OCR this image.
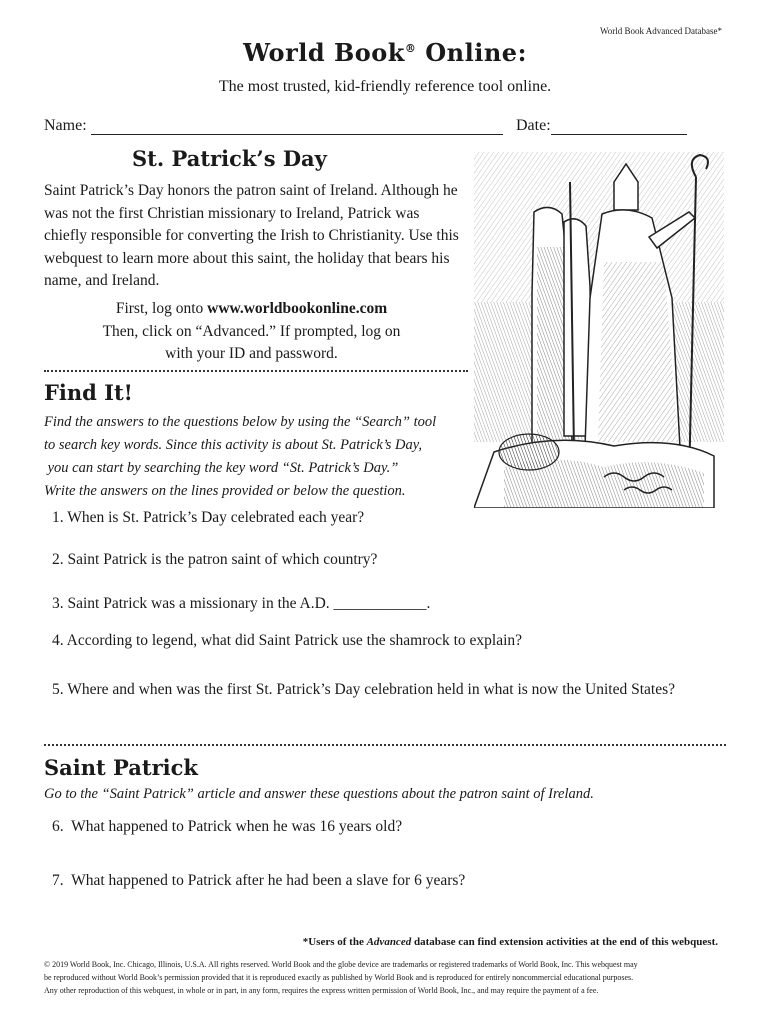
World Book Advanced Database*
World Book® Online:
The most trusted, kid-friendly reference tool online.
Name:	Date:
St. Patrick’s Day
Saint Patrick’s Day honors the patron saint of Ireland. Although he was not the first Christian missionary to Ireland, Patrick was chiefly responsible for converting the Irish to Christianity. Use this webquest to learn more about this saint, the holiday that bears his name, and Ireland.
First, log onto www.worldbookonline.com
Then, click on “Advanced.” If prompted, log on
with your ID and password.
Find It!
Find the answers to the questions below by using the “Search” tool
to search key words. Since this activity is about St. Patrick’s Day,
you can start by searching the key word “St. Patrick’s Day.”
Write the answers on the lines provided or below the question.
1. When is St. Patrick’s Day celebrated each year?
2. Saint Patrick is the patron saint of which country?
3. Saint Patrick was a missionary in the A.D. ____________.
4. According to legend, what did Saint Patrick use the shamrock to explain?
5. Where and when was the first St. Patrick’s Day celebration held in what is now the United States?
Saint Patrick
Go to the “Saint Patrick” article and answer these questions about the patron saint of Ireland.
6.  What happened to Patrick when he was 16 years old?
7.  What happened to Patrick after he had been a slave for 6 years?
*Users of the Advanced database can find extension activities at the end of this webquest.
© 2019 World Book, Inc. Chicago, Illinois, U.S.A. All rights reserved. World Book and the globe device are trademarks or registered trademarks of World Book, Inc. This webquest may
be reproduced without World Book’s permission provided that it is reproduced exactly as published by World Book and is reproduced for entirely noncommercial educational purposes.
Any other reproduction of this webquest, in whole or in part, in any form, requires the express written permission of World Book, Inc., and may require the payment of a fee.
